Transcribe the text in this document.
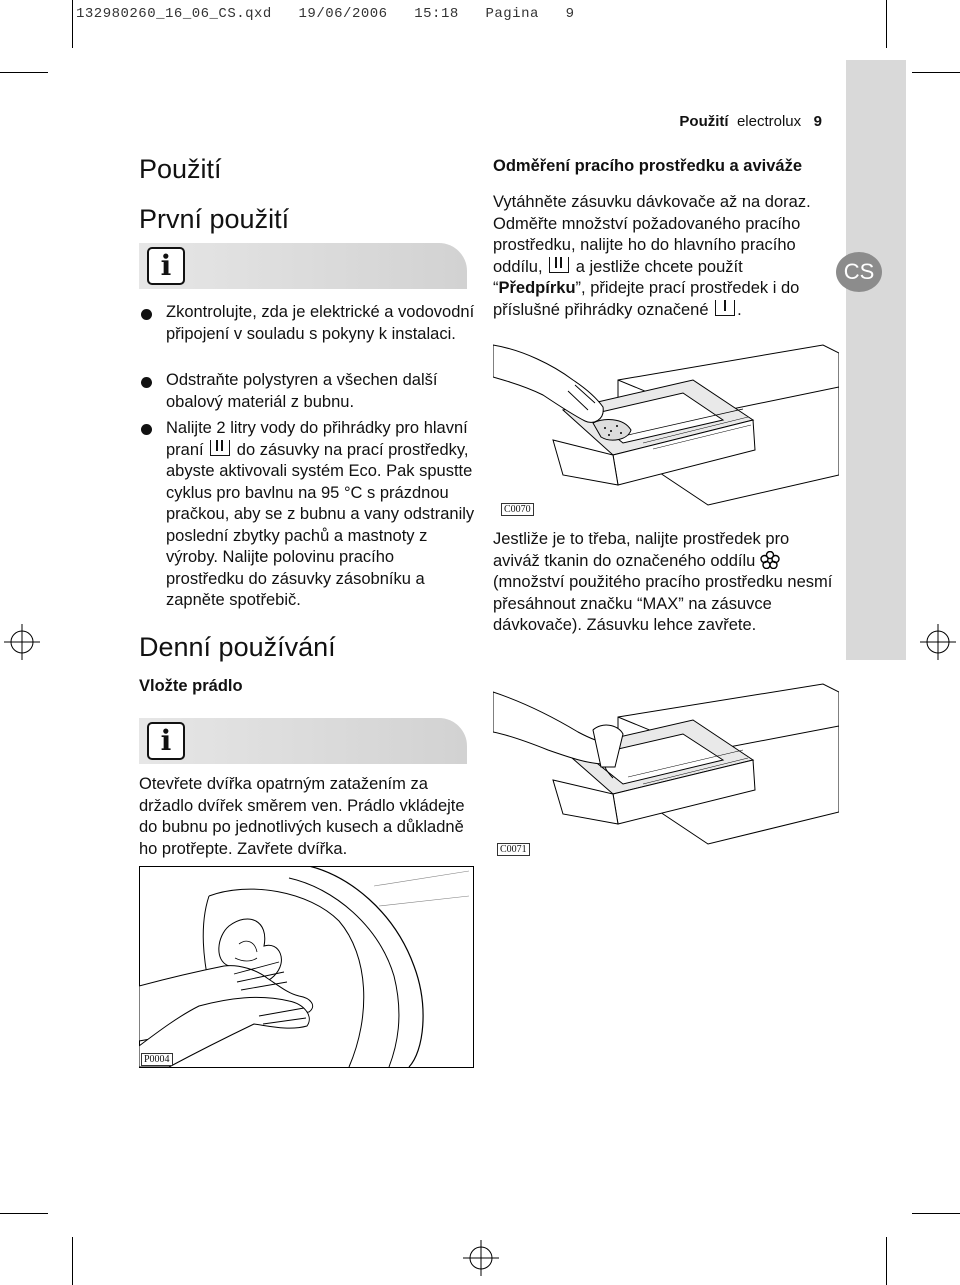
132980260_16_06_CS.qxd   19/06/2006   15:18   Pagina   9
CS
Použití electrolux 9
Použití
První použití
i
Zkontrolujte, zda je elektrické a vodovodní připojení v souladu s pokyny k instalaci.
Odstraňte polystyren a všechen další obalový materiál z bubnu.
Nalijte 2 litry vody do přihrádky pro hlavní praní do zásuvky na prací prostředky, abyste aktivovali systém Eco. Pak spustte cyklus pro bavlnu na 95 °C s prázdnou pračkou, aby se z bubnu a vany odstranily poslední zbytky pachů a mastnoty z výroby. Nalijte polovinu pracího prostředku do zásuvky zásobníku a zapněte spotřebič.
Denní používání
Vložte prádlo
i
Otevřete dvířka opatrným zatažením za držadlo dvířek směrem ven. Prádlo vkládejte do bubnu po jednotlivých kusech a důkladně ho protřepte. Zavřete dvířka.
P0004
Odměření pracího prostředku a aviváže
Vytáhněte zásuvku dávkovače až na doraz. Odměřte množství požadovaného pracího prostředku, nalijte ho do hlavního pracího oddílu, a jestliže chcete použít “Předpírku”, přidejte prací prostředek i do příslušné přihrádky označené .
C0070
Jestliže je to třeba, nalijte prostředek pro aviváž tkanin do označeného oddílu  (množství použitého pracího prostředku nesmí přesáhnout značku “MAX” na zásuvce dávkovače). Zásuvku lehce zavřete.
C0071
